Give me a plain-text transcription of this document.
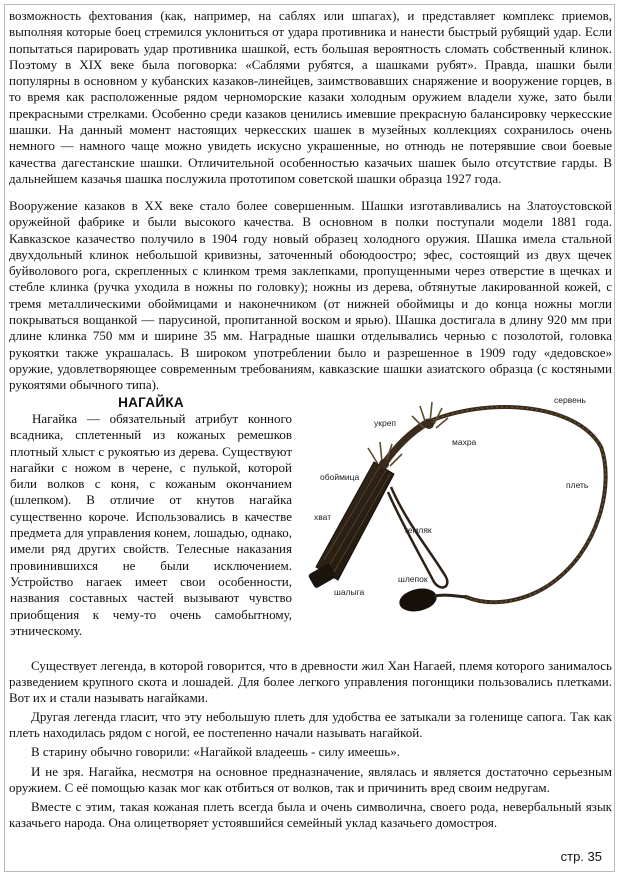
возможность фехтования (как, например, на саблях или шпагах), и представляет комплекс приемов, выполняя которые боец стремился уклониться от удара противника и нанести быстрый рубящий удар. Если попытаться парировать удар противника шашкой, есть большая вероятность сломать собственный клинок. Поэтому в XIX веке была поговорка: «Саблями рубятся, а шашками рубят». Правда, шашки были популярны в основном у кубанских казаков-линейцев, заимствовавших снаряжение и вооружение горцев, в то время как расположенные рядом черноморские казаки холодным оружием владели хуже, зато были прекрасными стрелками. Особенно среди казаков ценились имевшие прекрасную балансировку черкесские шашки. На данный момент настоящих черкесских шашек в музейных коллекциях сохранилось очень немного — намного чаще можно увидеть искусно украшенные, но отнюдь не потерявшие свои боевые качества дагестанские шашки. Отличительной особенностью казачьих шашек было отсутствие гарды. В дальнейшем казачья шашка послужила прототипом советской шашки образца 1927 года.

Вооружение казаков в XX веке стало более совершенным. Шашки изготавливались на Златоустовской оружейной фабрике и были высокого качества. В основном в полки поступали модели 1881 года. Кавказское казачество получило в 1904 году новый образец холодного оружия. Шашка имела стальной двухдольный клинок небольшой кривизны, заточенный обоюдоостро; эфес, состоящий из двух щечек буйволового рога, скрепленных с клинком тремя заклепками, пропущенными через отверстие в щечках и стебле клинка (ручка уходила в ножны по головку); ножны из дерева, обтянутые лакированной кожей, с тремя металлическими обоймицами и наконечником (от нижней обоймицы и до конца ножны могли покрываться вощанкой — парусиной, пропитанной воском и ярью). Шашка достигала в длину 920 мм при длине клинка 750 мм и ширине 35 мм. Наградные шашки отделывались чернью с позолотой, головка рукоятки также украшалась. В широком употреблении было и разрешенное в 1909 году «дедовское» оружие, удовлетворяющее современным требованиям, кавказские шашки азиатского образца (с костяными рукоятями обычного типа).

НАГАЙКА

Нагайка — обязательный атрибут конного всадника, сплетенный из кожаных ремешков плотный хлыст с рукоятью из дерева. Существуют нагайки с ножом в черене, с пулькой, которой били волков с коня, с кожаным окончанием (шлепком). В отличие от кнутов нагайка существенно короче. Использовались в качестве предмета для управления конем, лошадью, однако, имели ряд других свойств. Телесные наказания провинившихся не были исключением. Устройство нагаек имеет свои особенности, названия составных частей вызывают чувство приобщения к чему-то очень самобытному, этническому.

сервень
укреп
махра
обоймица
плеть
хват
темляк
шлепок
шалыга

Существует легенда, в которой говорится, что в древности жил Хан Нагаей, племя которого занималось разведением крупного скота и лошадей. Для более легкого управления погонщики пользовались плетками. Вот их и стали называть нагайками.

Другая легенда гласит, что эту небольшую плеть для удобства ее затыкали за голенище сапога. Так как плеть находилась рядом с ногой, ее постепенно начали называть нагайкой.

В старину обычно говорили: «Нагайкой владеешь - силу имеешь».

И не зря. Нагайка, несмотря на основное предназначение, являлась и является достаточно серьезным оружием. С её помощью казак мог как отбиться от волков, так и причинить вред своим недругам.

Вместе с этим, такая кожаная плеть всегда была и очень символична, своего рода, невербальный язык казачьего народа. Она олицетворяет устоявшийся семейный уклад казачьего домостроя.

стр. 35
